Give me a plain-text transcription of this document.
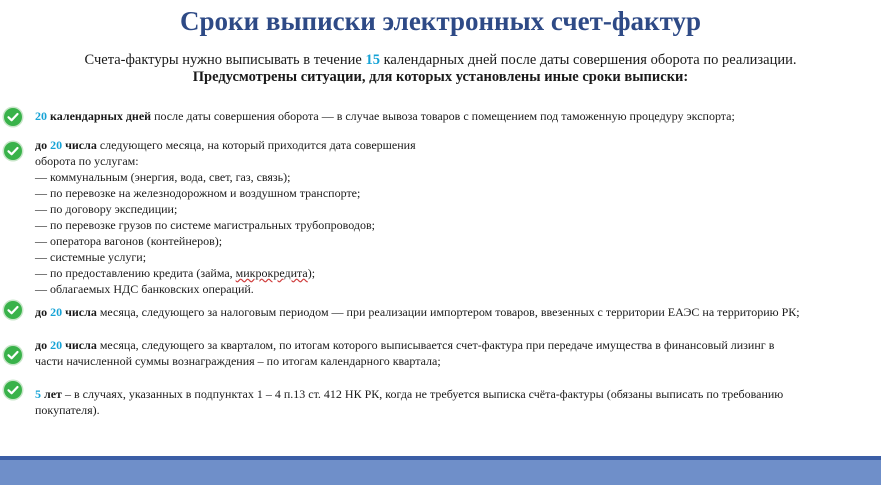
Сроки выписки электронных счет-фактур
Счета-фактуры нужно выписывать в течение 15 календарных дней после даты совершения оборота по реализации.
Предусмотрены ситуации, для которых установлены иные сроки выписки:
20 календарных дней после даты совершения оборота — в случае вывоза товаров с помещением под таможенную процедуру экспорта;
до 20 числа следующего месяца, на который приходится дата совершения
оборота по услугам:
— коммунальным (энергия, вода, свет, газ, связь);
— по перевозке на железнодорожном и воздушном транспорте;
— по договору экспедиции;
— по перевозке грузов по системе магистральных трубопроводов;
— оператора вагонов (контейнеров);
— системные услуги;
— по предоставлению кредита (займа, микрокредита);
— облагаемых НДС банковских операций.
до 20 числа месяца, следующего за налоговым периодом — при реализации импортером товаров, ввезенных с территории ЕАЭС на территорию РК;
до 20 числа месяца, следующего за кварталом, по итогам которого выписывается счет-фактура при передаче имущества в финансовый лизинг в
части начисленной суммы вознаграждения – по итогам календарного квартала;
5 лет – в случаях, указанных в подпунктах 1 – 4 п.13 ст. 412 НК РК, когда не требуется выписка счёта-фактуры (обязаны выписать по требованию
покупателя).
